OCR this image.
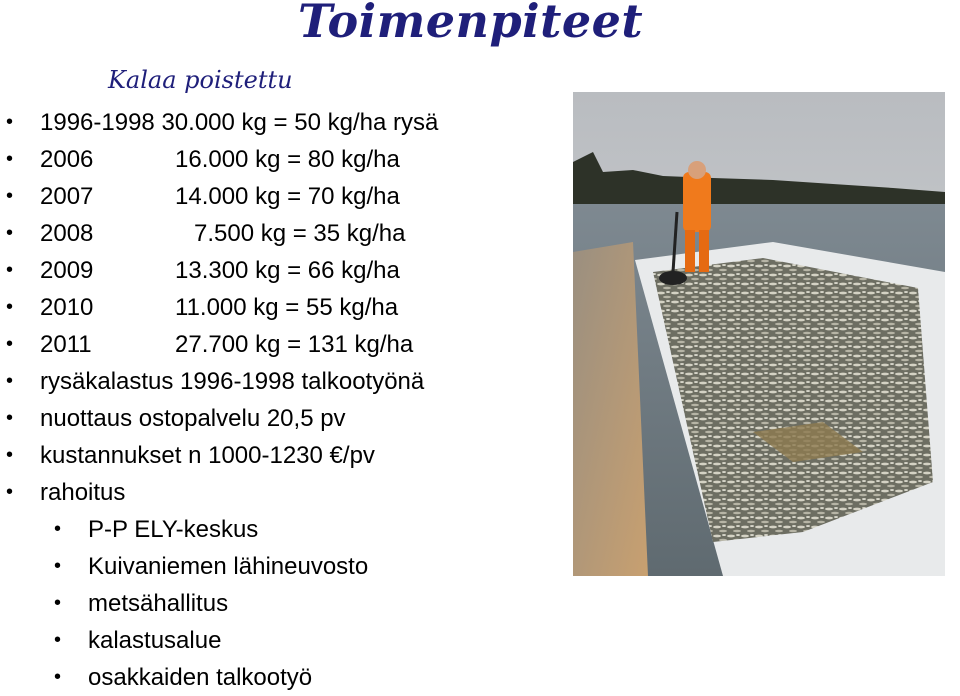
Toimenpiteet
Kalaa poistettu
• 1996-1998 30.000 kg = 50 kg/ha rysä
• 2006	16.000 kg = 80 kg/ha
• 2007	14.000 kg = 70 kg/ha
• 2008	7.500 kg = 35 kg/ha
• 2009	13.300 kg = 66 kg/ha
• 2010	11.000 kg = 55 kg/ha
• 2011	27.700 kg = 131 kg/ha
• rysäkalastus 1996-1998 talkootyönä
• nuottaus ostopalvelu 20,5 pv
• kustannukset n 1000-1230 €/pv
• rahoitus
• P-P ELY-keskus
• Kuivaniemen lähineuvosto
• metsähallitus
• kalastusalue
• osakkaiden talkootyö
